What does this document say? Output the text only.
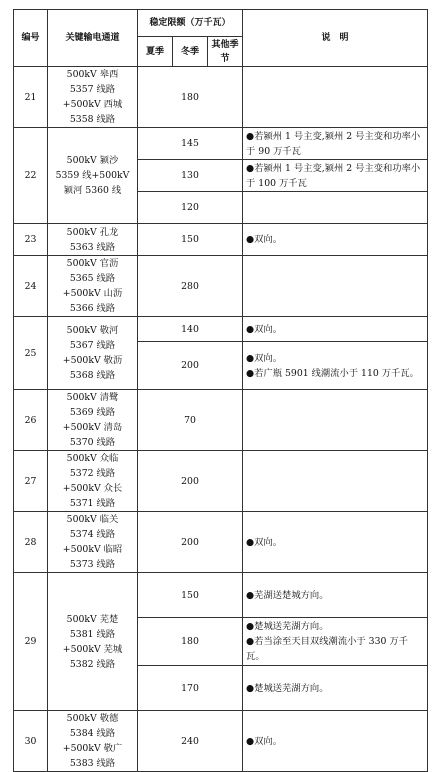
编号	关键输电通道	稳定限额（万千瓦）			说　明
		夏季	冬季	其他季节	
21	500kV 皋西 5357 线路+500kV 西城 5358 线路	180			
22	500kV 颍沙 5359 线+500kV 颍河 5360 线	145			●若颍州 1 号主变,颍州 2 号主变和功率小于 90 万千瓦

		130			●若颍州 1 号主变,颍州 2 号主变和功率小于 100 万千瓦

		120			
23	500kV 孔龙 5363 线路	150			●双向。

24	500kV 官沥 5365 线路+500kV 山沥 5366 线路	280			
25	500kV 敬河 5367 线路+500kV 敬沥 5368 线路	140			●双向。

		200			●双向。
●若广瓶 5901 线潮流小于 110 万千瓦。

26	500kV 清鹭 5369 线路+500kV 清岛 5370 线路	70			
27	500kV 众临 5372 线路+500kV 众长 5371 线路	200			
28	500kV 临关 5374 线路+500kV 临昭 5373 线路	200			●双向。

29	500kV 芜楚 5381 线路+500kV 芜城 5382 线路	150			●芜湖送楚城方向。

		180			●楚城送芜湖方向。
●若当涂至天目双线潮流小于 330 万千瓦。

		170			●楚城送芜湖方向。

30	500kV 敬德 5384 线路+500kV 敬广 5383 线路	240			●双向。
